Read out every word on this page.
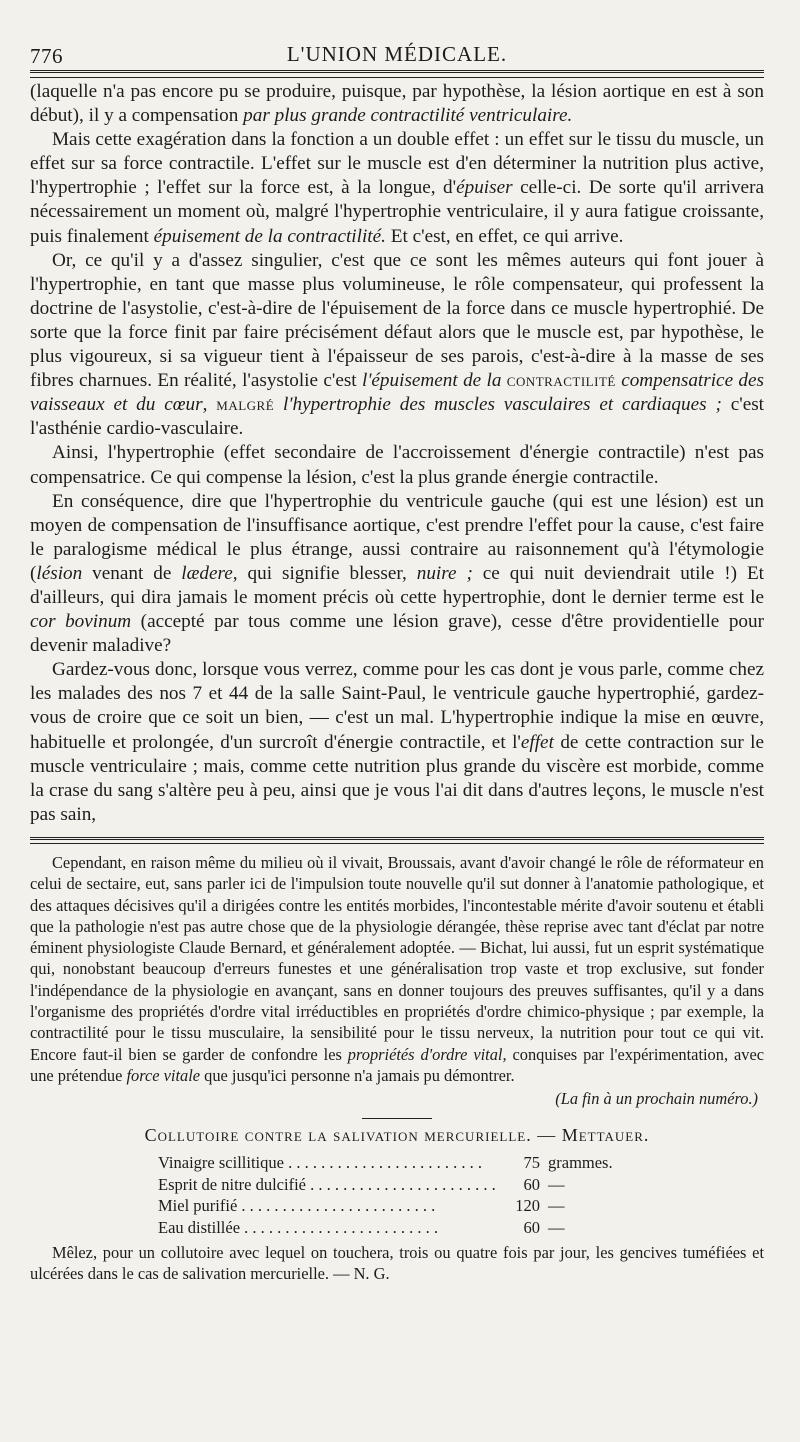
776	L'UNION MÉDICALE.

(laquelle n'a pas encore pu se produire, puisque, par hypothèse, la lésion aortique en est à son début), il y a compensation par plus grande contractilité ventriculaire.

Mais cette exagération dans la fonction a un double effet : un effet sur le tissu du muscle, un effet sur sa force contractile. L'effet sur le muscle est d'en déterminer la nutrition plus active, l'hypertrophie ; l'effet sur la force est, à la longue, d'épuiser celle-ci. De sorte qu'il arrivera nécessairement un moment où, malgré l'hypertrophie ventriculaire, il y aura fatigue croissante, puis finalement épuisement de la contractilité. Et c'est, en effet, ce qui arrive.

Or, ce qu'il y a d'assez singulier, c'est que ce sont les mêmes auteurs qui font jouer à l'hypertrophie, en tant que masse plus volumineuse, le rôle compensateur, qui professent la doctrine de l'asystolie, c'est-à-dire de l'épuisement de la force dans ce muscle hypertrophié. De sorte que la force finit par faire précisément défaut alors que le muscle est, par hypothèse, le plus vigoureux, si sa vigueur tient à l'épaisseur de ses parois, c'est-à-dire à la masse de ses fibres charnues. En réalité, l'asystolie c'est l'épuisement de la contractilité compensatrice des vaisseaux et du cœur, malgré l'hypertrophie des muscles vasculaires et cardiaques ; c'est l'asthénie cardio-vasculaire.

Ainsi, l'hypertrophie (effet secondaire de l'accroissement d'énergie contractile) n'est pas compensatrice. Ce qui compense la lésion, c'est la plus grande énergie contractile.

En conséquence, dire que l'hypertrophie du ventricule gauche (qui est une lésion) est un moyen de compensation de l'insuffisance aortique, c'est prendre l'effet pour la cause, c'est faire le paralogisme médical le plus étrange, aussi contraire au raisonnement qu'à l'étymologie (lésion venant de lædere, qui signifie blesser, nuire ; ce qui nuit deviendrait utile !) Et d'ailleurs, qui dira jamais le moment précis où cette hypertrophie, dont le dernier terme est le cor bovinum (accepté par tous comme une lésion grave), cesse d'être providentielle pour devenir maladive?

Gardez-vous donc, lorsque vous verrez, comme pour les cas dont je vous parle, comme chez les malades des nos 7 et 44 de la salle Saint-Paul, le ventricule gauche hypertrophié, gardez-vous de croire que ce soit un bien, — c'est un mal. L'hypertrophie indique la mise en œuvre, habituelle et prolongée, d'un surcroît d'énergie contractile, et l'effet de cette contraction sur le muscle ventriculaire ; mais, comme cette nutrition plus grande du viscère est morbide, comme la crase du sang s'altère peu à peu, ainsi que je vous l'ai dit dans d'autres leçons, le muscle n'est pas sain,

Cependant, en raison même du milieu où il vivait, Broussais, avant d'avoir changé le rôle de réformateur en celui de sectaire, eut, sans parler ici de l'impulsion toute nouvelle qu'il sut donner à l'anatomie pathologique, et des attaques décisives qu'il a dirigées contre les entités morbides, l'incontestable mérite d'avoir soutenu et établi que la pathologie n'est pas autre chose que de la physiologie dérangée, thèse reprise avec tant d'éclat par notre éminent physiologiste Claude Bernard, et généralement adoptée. — Bichat, lui aussi, fut un esprit systématique qui, nonobstant beaucoup d'erreurs funestes et une généralisation trop vaste et trop exclusive, sut fonder l'indépendance de la physiologie en avançant, sans en donner toujours des preuves suffisantes, qu'il y a dans l'organisme des propriétés d'ordre vital irréductibles en propriétés d'ordre chimico-physique ; par exemple, la contractilité pour le tissu musculaire, la sensibilité pour le tissu nerveux, la nutrition pour tout ce qui vit. Encore faut-il bien se garder de confondre les propriétés d'ordre vital, conquises par l'expérimentation, avec une prétendue force vitale que jusqu'ici personne n'a jamais pu démontrer.

(La fin à un prochain numéro.)
Collutoire contre la salivation mercurielle. — Mettauer.
Vinaigre scillitique . . .	75 grammes.
Esprit de nitre dulcifié . . .	60 —
Miel purifié . . .	120 —
Eau distillée . . .	60 —

Mêlez, pour un collutoire avec lequel on touchera, trois ou quatre fois par jour, les gencives tuméfiées et ulcérées dans le cas de salivation mercurielle. — N. G.
